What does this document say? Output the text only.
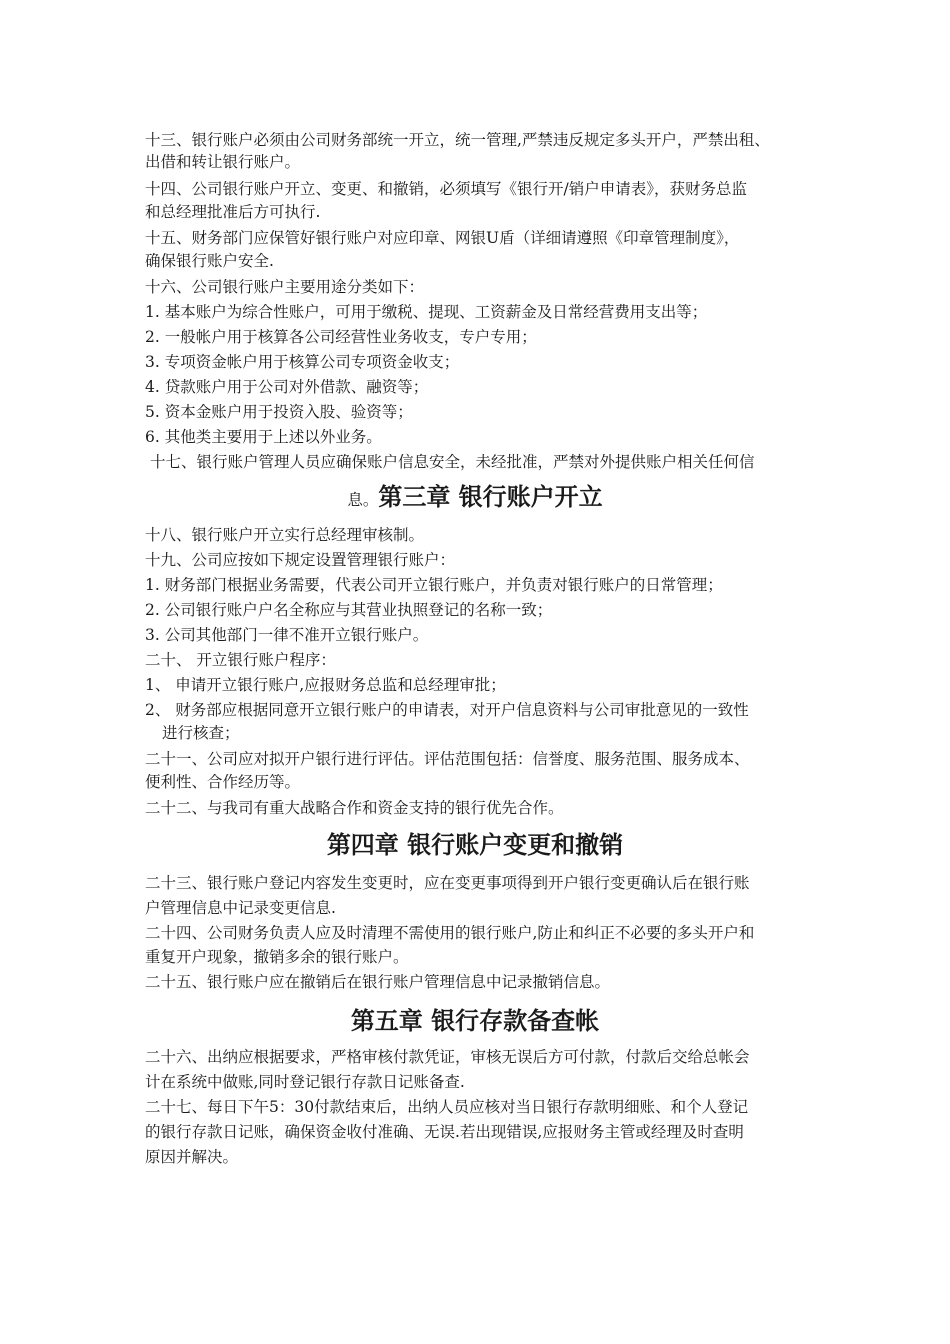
十三、银行账户必须由公司财务部统一开立，统一管理,严禁违反规定多头开户，严禁出租、
出借和转让银行账户。
十四、公司银行账户开立、变更、和撤销，必须填写《银行开/销户申请表》，获财务总监
和总经理批准后方可执行.
十五、财务部门应保管好银行账户对应印章、网银U盾（详细请遵照《印章管理制度》，
确保银行账户安全.
十六、公司银行账户主要用途分类如下：
1. 基本账户为综合性账户，可用于缴税、提现、工资薪金及日常经营费用支出等；
2. 一般帐户用于核算各公司经营性业务收支，专户专用；
3. 专项资金帐户用于核算公司专项资金收支；
4. 贷款账户用于公司对外借款、融资等；
5. 资本金账户用于投资入股、验资等；
6. 其他类主要用于上述以外业务。
十七、银行账户管理人员应确保账户信息安全，未经批准，严禁对外提供账户相关任何信
息。第三章 银行账户开立
十八、银行账户开立实行总经理审核制。
十九、公司应按如下规定设置管理银行账户：
1. 财务部门根据业务需要，代表公司开立银行账户，并负责对银行账户的日常管理；
2. 公司银行账户户名全称应与其营业执照登记的名称一致；
3. 公司其他部门一律不准开立银行账户。
二十、 开立银行账户程序：
1、 申请开立银行账户,应报财务总监和总经理审批；
2、 财务部应根据同意开立银行账户的申请表，对开户信息资料与公司审批意见的一致性
进行核查；
二十一、公司应对拟开户银行进行评估。评估范围包括：信誉度、服务范围、服务成本、
便利性、合作经历等。
二十二、与我司有重大战略合作和资金支持的银行优先合作。
第四章 银行账户变更和撤销
二十三、银行账户登记内容发生变更时，应在变更事项得到开户银行变更确认后在银行账
户管理信息中记录变更信息.
二十四、公司财务负责人应及时清理不需使用的银行账户,防止和纠正不必要的多头开户和
重复开户现象，撤销多余的银行账户。
二十五、银行账户应在撤销后在银行账户管理信息中记录撤销信息。
第五章 银行存款备查帐
二十六、出纳应根据要求，严格审核付款凭证，审核无误后方可付款，付款后交给总帐会
计在系统中做账,同时登记银行存款日记账备查.
二十七、每日下午5：30付款结束后，出纳人员应核对当日银行存款明细账、和个人登记
的银行存款日记账，确保资金收付准确、无误.若出现错误,应报财务主管或经理及时查明
原因并解决。
